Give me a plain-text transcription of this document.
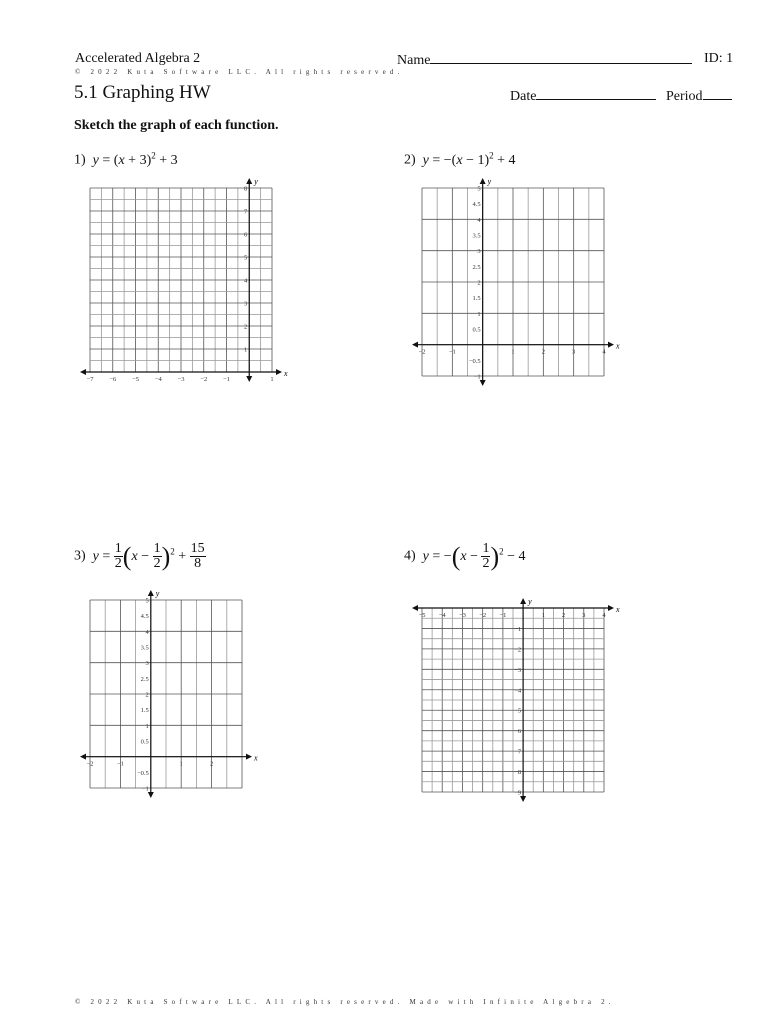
Accelerated Algebra 2	Name	ID: 1
© 2022 Kuta Software LLC. All rights reserved.
5.1 Graphing HW	Date	Period
Sketch the graph of each function.
1) $y = (x + 3)^2 + 3$	2) $y = -(x - 1)^2 + 4$
3) $y = \frac{1}{2} (x - \frac{1}{2} )^2 + \frac{15}{8}$	4) $y = -(x - \frac{1}{2} )^2 - 4$
x
y
−7 −6 −5 −4 −3 −2 −1	1
1
2
3
4
5
6
7
8
x
y
−2	−1	1	2	3	4
−1
−0.5
0.5
1
1.5
2
2.5
3
3.5
4
4.5
5
x
y
−2	−1	1	2
−1
−0.5
0.5
1
1.5
2
2.5
3
3.5
4
4.5
5
x
y
−5 −4 −3 −2 −1	1	2	3	4
−1
−2
−3
−4
−5
−6
−7
−8
−9
© 2022 Kuta Software LLC. All rights reserved. Made with Infinite Algebra 2.
